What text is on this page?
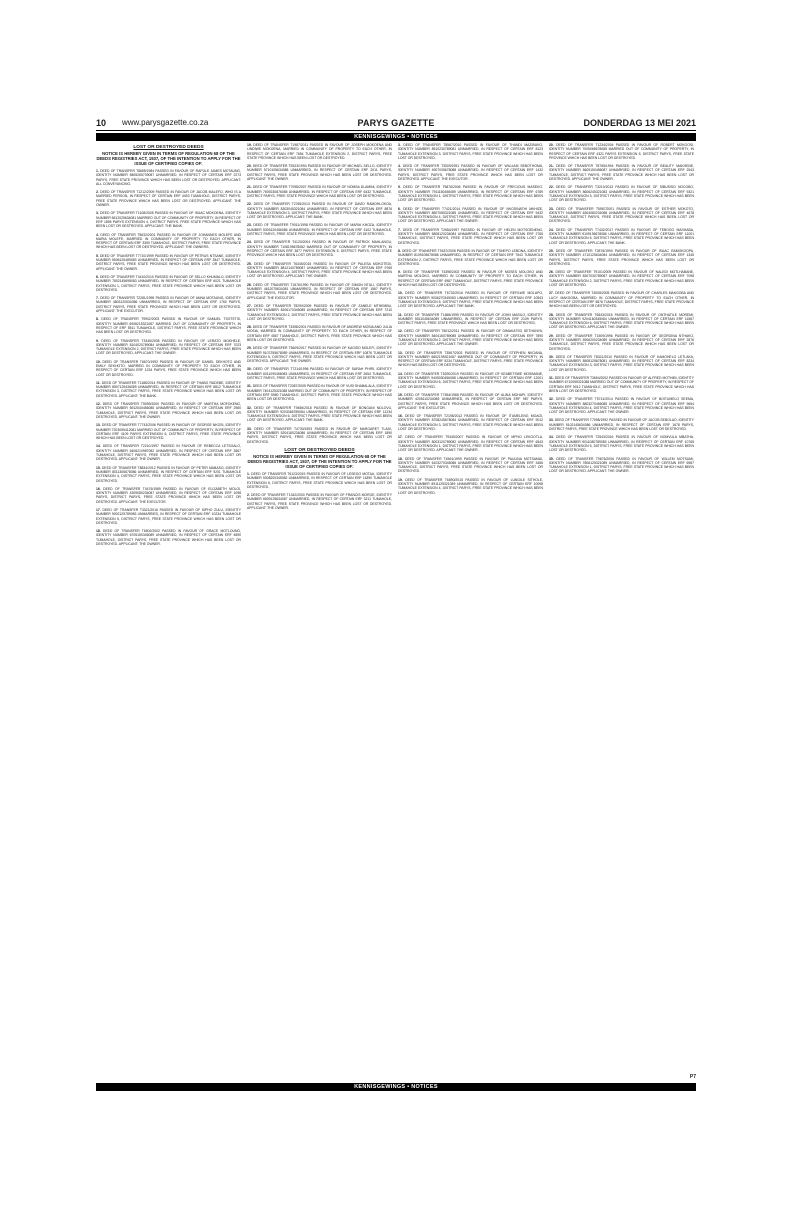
10 www.parysgazette.co.za	PARYS GAZETTE	DONDERDAG 13 MEI 2021
KENNISGEWINGS • NOTICES
LOST OR DESTROYED DEEDS
NOTICE IS HEREBY GIVEN IN TERMS OF REGULATION 68 OF THE DEEDS REGISTRIES ACT, 1937, OF THE INTENTION TO APPLY FOR THE ISSUE OF CERTIFIED COPIES OF:

1. DEED OF TRANSFER T8655/1984 PASSED IN FAVOUR OF RAPULE JAMES MOTAUNG, IDENTITY NUMBER 5805265739087 UNMARRIED, IN RESPECT OF CERTAIN ERF 2273 PARYS, FREE STATE PROVINCE WHICH HAS BEEN LOST OR DESTROYED. APPLICANT: ALL CONVEYANCING.

2. DEED OF TRANSFER T1212/2009 PASSED IN FAVOUR OF JACOB MALEFO, WHO IS A MARRIED PERSON, IN RESPECT OF CERTAIN ERF 4453 TUMAHOLE, DISTRICT PARYS, FREE STATE PROVINCE WHICH HAS BEEN LOST OR DESTROYED. APPLICANT: THE OWNER.

3. DEED OF TRANSFER T1108/2005 PASSED IN FAVOUR OF ISAAC MOKOENA, IDENTITY NUMBER 6512025634081 MARRIED OUT OF COMMUNITY OF PROPERTY, IN RESPECT OF ERF 1895 PARYS EXTENSION 4, DISTRICT PARYS, FREE STATE PROVINCE WHICH HAS BEEN LOST OR DESTROYED. APPLICANT: THE BANK.

4. DEED OF TRANSFER T5632/2001 PASSED IN FAVOUR OF JOHANNES MOLEFE AND MARIA MOLEFE, MARRIED IN COMMUNITY OF PROPERTY TO EACH OTHER, IN RESPECT OF CERTAIN ERF 3390 TUMAHOLE, DISTRICT PARYS, FREE STATE PROVINCE WHICH HAS BEEN LOST OR DESTROYED. APPLICANT: THE OWNERS.

5. DEED OF TRANSFER T7710/1999 PASSED IN FAVOUR OF PETRUS NTSANE, IDENTITY NUMBER 5506125489083 UNMARRIED, IN RESPECT OF CERTAIN ERF 2847 TUMAHOLE, DISTRICT PARYS, FREE STATE PROVINCE WHICH HAS BEEN LOST OR DESTROYED. APPLICANT: THE OWNER.

6. DEED OF TRANSFER T4410/2010 PASSED IN FAVOUR OF SELLO KHUMALO, IDENTITY NUMBER 7802145698083 UNMARRIED, IN RESPECT OF CERTAIN ERF 6021 TUMAHOLE EXTENSION 1, DISTRICT PARYS, FREE STATE PROVINCE WHICH HAS BEEN LOST OR DESTROYED.

7. DEED OF TRANSFER T2281/1995 PASSED IN FAVOUR OF ANNA MOTAUNG, IDENTITY NUMBER 4803120534086 UNMARRIED, IN RESPECT OF CERTAIN ERF 1760 PARYS, DISTRICT PARYS, FREE STATE PROVINCE WHICH HAS BEEN LOST OR DESTROYED. APPLICANT: THE EXECUTOR.

8. DEED OF TRANSFER T9902/2003 PASSED IN FAVOUR OF SAMUEL TSOTETSI, IDENTITY NUMBER 6908215321087 MARRIED OUT OF COMMUNITY OF PROPERTY, IN RESPECT OF ERF 5511 TUMAHOLE, DISTRICT PARYS, FREE STATE PROVINCE WHICH HAS BEEN LOST OR DESTROYED.

9. DEED OF TRANSFER T3345/2008 PASSED IN FAVOUR OF LERATO MOKHELE, IDENTITY NUMBER 8104020789084 UNMARRIED, IN RESPECT OF CERTAIN ERF 7023 TUMAHOLE EXTENSION 2, DISTRICT PARYS, FREE STATE PROVINCE WHICH HAS BEEN LOST OR DESTROYED. APPLICANT: THE OWNER.

10. DEED OF TRANSFER T6670/1992 PASSED IN FAVOUR OF DANIEL SEKHOTO AND EMILY SEKHOTO, MARRIED IN COMMUNITY OF PROPERTY TO EACH OTHER, IN RESPECT OF CERTAIN ERF 1234 PARYS, FREE STATE PROVINCE WHICH HAS BEEN LOST OR DESTROYED.

11. DEED OF TRANSFER T1188/2014 PASSED IN FAVOUR OF THABO RADEBE, IDENTITY NUMBER 8507125436089 UNMARRIED, IN RESPECT OF CERTAIN ERF 8812 TUMAHOLE EXTENSION 3, DISTRICT PARYS, FREE STATE PROVINCE WHICH HAS BEEN LOST OR DESTROYED. APPLICANT: THE BANK.

12. DEED OF TRANSFER T5099/2000 PASSED IN FAVOUR OF MARTHA MOFOKENG, IDENTITY NUMBER 5912040456085 UNMARRIED, IN RESPECT OF CERTAIN ERF 2980 TUMAHOLE, DISTRICT PARYS, FREE STATE PROVINCE WHICH HAS BEEN LOST OR DESTROYED. APPLICANT: THE OWNER.

13. DEED OF TRANSFER T7743/2006 PASSED IN FAVOUR OF GEORGE NKOSI, IDENTITY NUMBER 7203055412081 MARRIED OUT OF COMMUNITY OF PROPERTY, IN RESPECT OF CERTAIN ERF 4109 PARYS EXTENSION 6, DISTRICT PARYS, FREE STATE PROVINCE WHICH HAS BEEN LOST OR DESTROYED.

14. DEED OF TRANSFER T2210/1997 PASSED IN FAVOUR OF REBECCA LETSOALO, IDENTITY NUMBER 6406210987082 UNMARRIED, IN RESPECT OF CERTAIN ERF 3567 TUMAHOLE, DISTRICT PARYS, FREE STATE PROVINCE WHICH HAS BEEN LOST OR DESTROYED. APPLICANT: THE OWNER.

15. DEED OF TRANSFER T8834/2012 PASSED IN FAVOUR OF PETER MABASO, IDENTITY NUMBER 8011305678086 UNMARRIED, IN RESPECT OF CERTAIN ERF 9201 TUMAHOLE EXTENSION 4, DISTRICT PARYS, FREE STATE PROVINCE WHICH HAS BEEN LOST OR DESTROYED.

16. DEED OF TRANSFER T4476/1989 PASSED IN FAVOUR OF ELIZABETH MOLOI, IDENTITY NUMBER 4309080234087 UNMARRIED, IN RESPECT OF CERTAIN ERF 1098 PARYS, DISTRICT PARYS, FREE STATE PROVINCE WHICH HAS BEEN LOST OR DESTROYED. APPLICANT: THE EXECUTOR.

17. DEED OF TRANSFER T3321/2016 PASSED IN FAVOUR OF SIPHO ZULU, IDENTITY NUMBER 9002125789083 UNMARRIED, IN RESPECT OF CERTAIN ERF 10234 TUMAHOLE EXTENSION 5, DISTRICT PARYS, FREE STATE PROVINCE WHICH HAS BEEN LOST OR DESTROYED.

18. DEED OF TRANSFER T6502/2002 PASSED IN FAVOUR OF GRACE MOTLOUNG, IDENTITY NUMBER 6705150345089 UNMARRIED, IN RESPECT OF CERTAIN ERF 4890 TUMAHOLE, DISTRICT PARYS, FREE STATE PROVINCE WHICH HAS BEEN LOST OR DESTROYED. APPLICANT: THE OWNER.

19. DEED OF TRANSFER T1987/2011 PASSED IN FAVOUR OF JOSEPH MOKOENA AND LINDIWE MOKOENA, MARRIED IN COMMUNITY OF PROPERTY TO EACH OTHER, IN RESPECT OF CERTAIN ERF 7654 TUMAHOLE EXTENSION 2, DISTRICT PARYS, FREE STATE PROVINCE WHICH HAS BEEN LOST OR DESTROYED.

20. DEED OF TRANSFER T5523/1994 PASSED IN FAVOUR OF MICHAEL SELLO, IDENTITY NUMBER 5710105634088 UNMARRIED, IN RESPECT OF CERTAIN ERF 2011 PARYS, DISTRICT PARYS, FREE STATE PROVINCE WHICH HAS BEEN LOST OR DESTROYED. APPLICANT: THE OWNER.

21. DEED OF TRANSFER T7098/2007 PASSED IN FAVOUR OF NOMSA DLAMINI, IDENTITY NUMBER 7609230876085 UNMARRIED, IN RESPECT OF CERTAIN ERF 6432 TUMAHOLE, DISTRICT PARYS, FREE STATE PROVINCE WHICH HAS BEEN LOST OR DESTROYED.

22. DEED OF TRANSFER T2765/2013 PASSED IN FAVOUR OF DAVID RAMOHLOKOA, IDENTITY NUMBER 8303045321084 UNMARRIED, IN RESPECT OF CERTAIN ERF 8876 TUMAHOLE EXTENSION 3, DISTRICT PARYS, FREE STATE PROVINCE WHICH HAS BEEN LOST OR DESTROYED. APPLICANT: THE BANK.

23. DEED OF TRANSFER T9011/1998 PASSED IN FAVOUR OF MARIA KHOZA, IDENTITY NUMBER 5303120456086 UNMARRIED, IN RESPECT OF CERTAIN ERF 3102 TUMAHOLE, DISTRICT PARYS, FREE STATE PROVINCE WHICH HAS BEEN LOST OR DESTROYED.

24. DEED OF TRANSFER T4120/2004 PASSED IN FAVOUR OF PATRICK MAHLANGU, IDENTITY NUMBER 7108195678082 MARRIED OUT OF COMMUNITY OF PROPERTY, IN RESPECT OF CERTAIN ERF 3877 PARYS EXTENSION 5, DISTRICT PARYS, FREE STATE PROVINCE WHICH HAS BEEN LOST OR DESTROYED.

25. DEED OF TRANSFER T6345/2015 PASSED IN FAVOUR OF PALESA MOKOTEDI, IDENTITY NUMBER 8812140789087 UNMARRIED, IN RESPECT OF CERTAIN ERF 9765 TUMAHOLE EXTENSION 4, DISTRICT PARYS, FREE STATE PROVINCE WHICH HAS BEEN LOST OR DESTROYED. APPLICANT: THE OWNER.

26. DEED OF TRANSFER T1576/1990 PASSED IN FAVOUR OF SIMON NTULI, IDENTITY NUMBER 4612075634081 UNMARRIED, IN RESPECT OF CERTAIN ERF 1567 PARYS, DISTRICT PARYS, FREE STATE PROVINCE WHICH HAS BEEN LOST OR DESTROYED. APPLICANT: THE EXECUTOR.

27. DEED OF TRANSFER T8290/2009 PASSED IN FAVOUR OF ZANELE MTHEMBU, IDENTITY NUMBER 8206170345085 UNMARRIED, IN RESPECT OF CERTAIN ERF 7210 TUMAHOLE EXTENSION 2, DISTRICT PARYS, FREE STATE PROVINCE WHICH HAS BEEN LOST OR DESTROYED.

28. DEED OF TRANSFER T3398/2001 PASSED IN FAVOUR OF ANDREW MOSIA AND JULIA MOSIA, MARRIED IN COMMUNITY OF PROPERTY TO EACH OTHER, IN RESPECT OF CERTAIN ERF 4567 TUMAHOLE, DISTRICT PARYS, FREE STATE PROVINCE WHICH HAS BEEN LOST OR DESTROYED.

29. DEED OF TRANSFER T5609/2017 PASSED IN FAVOUR OF KAGISO MOLEFI, IDENTITY NUMBER 9107255678089 UNMARRIED, IN RESPECT OF CERTAIN ERF 10876 TUMAHOLE EXTENSION 5, DISTRICT PARYS, FREE STATE PROVINCE WHICH HAS BEEN LOST OR DESTROYED. APPLICANT: THE OWNER.

30. DEED OF TRANSFER T7214/1996 PASSED IN FAVOUR OF SARAH PHIRI, IDENTITY NUMBER 6011090456083 UNMARRIED, IN RESPECT OF CERTAIN ERF 2654 TUMAHOLE, DISTRICT PARYS, FREE STATE PROVINCE WHICH HAS BEEN LOST OR DESTROYED.

31. DEED OF TRANSFER T2087/2005 PASSED IN FAVOUR OF VUSI SHABALALA, IDENTITY NUMBER 7404125321088 MARRIED OUT OF COMMUNITY OF PROPERTY, IN RESPECT OF CERTAIN ERF 5980 TUMAHOLE, DISTRICT PARYS, FREE STATE PROVINCE WHICH HAS BEEN LOST OR DESTROYED.

32. DEED OF TRANSFER T9456/2018 PASSED IN FAVOUR OF BONGANI NDLOVU, IDENTITY NUMBER 9203065789084 UNMARRIED, IN RESPECT OF CERTAIN ERF 11234 TUMAHOLE EXTENSION 6, DISTRICT PARYS, FREE STATE PROVINCE WHICH HAS BEEN LOST OR DESTROYED. APPLICANT: THE BANK.

33. DEED OF TRANSFER T4730/1993 PASSED IN FAVOUR OF MARGARET TLADI, IDENTITY NUMBER 5204180234086 UNMARRIED, IN RESPECT OF CERTAIN ERF 1890 PARYS, DISTRICT PARYS, FREE STATE PROVINCE WHICH HAS BEEN LOST OR DESTROYED.

LOST OR DESTROYED DEEDS
NOTICE IS HEREBY GIVEN IN TERMS OF REGULATION 68 OF THE DEEDS REGISTRIES ACT, 1937, OF THE INTENTION TO APPLY FOR THE ISSUE OF CERTIFIED COPIES OF:

1. DEED OF TRANSFER T6123/2019 PASSED IN FAVOUR OF LESEGO MOTAU, IDENTITY NUMBER 9308200345082 UNMARRIED, IN RESPECT OF CERTAIN ERF 11890 TUMAHOLE EXTENSION 6, DISTRICT PARYS, FREE STATE PROVINCE WHICH HAS BEEN LOST OR DESTROYED.

2. DEED OF TRANSFER T1342/2000 PASSED IN FAVOUR OF FRANCIS MOROE, IDENTITY NUMBER 6509125634087 UNMARRIED, IN RESPECT OF CERTAIN ERF 3211 TUMAHOLE, DISTRICT PARYS, FREE STATE PROVINCE WHICH HAS BEEN LOST OR DESTROYED. APPLICANT: THE OWNER.

3. DEED OF TRANSFER T8567/2010 PASSED IN FAVOUR OF THANDI MAZIBUKO, IDENTITY NUMBER 8510230789081 UNMARRIED, IN RESPECT OF CERTAIN ERF 8123 TUMAHOLE EXTENSION 3, DISTRICT PARYS, FREE STATE PROVINCE WHICH HAS BEEN LOST OR DESTROYED.

4. DEED OF TRANSFER T3009/1991 PASSED IN FAVOUR OF WILLIAM SEBOTHOMA, IDENTITY NUMBER 4907035678088 UNMARRIED, IN RESPECT OF CERTAIN ERF 1432 PARYS, DISTRICT PARYS, FREE STATE PROVINCE WHICH HAS BEEN LOST OR DESTROYED. APPLICANT: THE EXECUTOR.

5. DEED OF TRANSFER T5876/2006 PASSED IN FAVOUR OF PRECIOUS MASEKO, IDENTITY NUMBER 7911150456089 UNMARRIED, IN RESPECT OF CERTAIN ERF 6789 TUMAHOLE EXTENSION 1, DISTRICT PARYS, FREE STATE PROVINCE WHICH HAS BEEN LOST OR DESTROYED.

6. DEED OF TRANSFER T7421/2014 PASSED IN FAVOUR OF NKOSINATHI MKHIZE, IDENTITY NUMBER 8607085321085 UNMARRIED, IN RESPECT OF CERTAIN ERF 9432 TUMAHOLE EXTENSION 4, DISTRICT PARYS, FREE STATE PROVINCE WHICH HAS BEEN LOST OR DESTROYED. APPLICANT: THE OWNER.

7. DEED OF TRANSFER T2654/1997 PASSED IN FAVOUR OF HELEN MOTSOENENG, IDENTITY NUMBER 5808120234084 UNMARRIED, IN RESPECT OF CERTAIN ERF 2765 TUMAHOLE, DISTRICT PARYS, FREE STATE PROVINCE WHICH HAS BEEN LOST OR DESTROYED.

8. DEED OF TRANSFER T9187/2008 PASSED IN FAVOUR OF TSHEPO LEBONA, IDENTITY NUMBER 8109105678086 UNMARRIED, IN RESPECT OF CERTAIN ERF 7543 TUMAHOLE EXTENSION 2, DISTRICT PARYS, FREE STATE PROVINCE WHICH HAS BEEN LOST OR DESTROYED.

9. DEED OF TRANSFER T4398/2002 PASSED IN FAVOUR OF MOSES MOLOKO AND MARTHA MOLOKO, MARRIED IN COMMUNITY OF PROPERTY TO EACH OTHER, IN RESPECT OF CERTAIN ERF 4987 TUMAHOLE, DISTRICT PARYS, FREE STATE PROVINCE WHICH HAS BEEN LOST OR DESTROYED.

10. DEED OF TRANSFER T6732/2016 PASSED IN FAVOUR OF REFILWE MOLAPO, IDENTITY NUMBER 9006270345083 UNMARRIED, IN RESPECT OF CERTAIN ERF 10543 TUMAHOLE EXTENSION 5, DISTRICT PARYS, FREE STATE PROVINCE WHICH HAS BEEN LOST OR DESTROYED. APPLICANT: THE BANK.

11. DEED OF TRANSFER T1865/1995 PASSED IN FAVOUR OF JOHN MASILO, IDENTITY NUMBER 5511045634089 UNMARRIED, IN RESPECT OF CERTAIN ERF 2109 PARYS, DISTRICT PARYS, FREE STATE PROVINCE WHICH HAS BEEN LOST OR DESTROYED.

12. DEED OF TRANSFER T8012/2011 PASSED IN FAVOUR OF DIMAKATSO SETHUNYA, IDENTITY NUMBER 8404160789085 UNMARRIED, IN RESPECT OF CERTAIN ERF 7890 TUMAHOLE EXTENSION 2, DISTRICT PARYS, FREE STATE PROVINCE WHICH HAS BEEN LOST OR DESTROYED. APPLICANT: THE OWNER.

13. DEED OF TRANSFER T3567/2003 PASSED IN FAVOUR OF STEPHEN NKOANA, IDENTITY NUMBER 6802195321087 MARRIED OUT OF COMMUNITY OF PROPERTY, IN RESPECT OF CERTAIN ERF 5234 TUMAHOLE, DISTRICT PARYS, FREE STATE PROVINCE WHICH HAS BEEN LOST OR DESTROYED.

14. DEED OF TRANSFER T5290/2019 PASSED IN FAVOUR OF KEABETSWE MOSIMANE, IDENTITY NUMBER 9405030456088 UNMARRIED, IN RESPECT OF CERTAIN ERF 12001 TUMAHOLE EXTENSION 6, DISTRICT PARYS, FREE STATE PROVINCE WHICH HAS BEEN LOST OR DESTROYED.

15. DEED OF TRANSFER T7654/1988 PASSED IN FAVOUR OF ALINA MOHAPI, IDENTITY NUMBER 4205110234085 UNMARRIED, IN RESPECT OF CERTAIN ERF 987 PARYS, DISTRICT PARYS, FREE STATE PROVINCE WHICH HAS BEEN LOST OR DESTROYED. APPLICANT: THE EXECUTOR.

16. DEED OF TRANSFER T2198/2012 PASSED IN FAVOUR OF ITUMELENG MOAGI, IDENTITY NUMBER 8708245678084 UNMARRIED, IN RESPECT OF CERTAIN ERF 9012 TUMAHOLE EXTENSION 3, DISTRICT PARYS, FREE STATE PROVINCE WHICH HAS BEEN LOST OR DESTROYED.

17. DEED OF TRANSFER T9345/2007 PASSED IN FAVOUR OF MPHO LEKGOTLA, IDENTITY NUMBER 8003120789082 UNMARRIED, IN RESPECT OF CERTAIN ERF 6543 TUMAHOLE EXTENSION 1, DISTRICT PARYS, FREE STATE PROVINCE WHICH HAS BEEN LOST OR DESTROYED. APPLICANT: THE OWNER.

18. DEED OF TRANSFER T4561/1999 PASSED IN FAVOUR OF PAULINA MOTSAMAI, IDENTITY NUMBER 6103270345086 UNMARRIED, IN RESPECT OF CERTAIN ERF 3456 TUMAHOLE, DISTRICT PARYS, FREE STATE PROVINCE WHICH HAS BEEN LOST OR DESTROYED.

19. DEED OF TRANSFER T6890/2015 PASSED IN FAVOUR OF LUNGILE SITHOLE, IDENTITY NUMBER 8911125321089 UNMARRIED, IN RESPECT OF CERTAIN ERF 10098 TUMAHOLE EXTENSION 4, DISTRICT PARYS, FREE STATE PROVINCE WHICH HAS BEEN LOST OR DESTROYED.

20. DEED OF TRANSFER T1234/2004 PASSED IN FAVOUR OF ROBERT MOKGOSI, IDENTITY NUMBER 7005065678085 MARRIED OUT OF COMMUNITY OF PROPERTY, IN RESPECT OF CERTAIN ERF 4321 PARYS EXTENSION 5, DISTRICT PARYS, FREE STATE PROVINCE WHICH HAS BEEN LOST OR DESTROYED.

21. DEED OF TRANSFER T8765/1994 PASSED IN FAVOUR OF BEAUTY MAKHENE, IDENTITY NUMBER 5609150456087 UNMARRIED, IN RESPECT OF CERTAIN ERF 2543 TUMAHOLE, DISTRICT PARYS, FREE STATE PROVINCE WHICH HAS BEEN LOST OR DESTROYED. APPLICANT: THE OWNER.

22. DEED OF TRANSFER T3210/2013 PASSED IN FAVOUR OF SIBUSISO NGCOBO, IDENTITY NUMBER 8606245321083 UNMARRIED, IN RESPECT OF CERTAIN ERF 9321 TUMAHOLE EXTENSION 3, DISTRICT PARYS, FREE STATE PROVINCE WHICH HAS BEEN LOST OR DESTROYED.

23. DEED OF TRANSFER T5987/2001 PASSED IN FAVOUR OF ESTHER MOKOTO, IDENTITY NUMBER 6304080234088 UNMARRIED, IN RESPECT OF CERTAIN ERF 4678 TUMAHOLE, DISTRICT PARYS, FREE STATE PROVINCE WHICH HAS BEEN LOST OR DESTROYED.

24. DEED OF TRANSFER T7432/2017 PASSED IN FAVOUR OF TEBOGO MASHABA, IDENTITY NUMBER 9109195678086 UNMARRIED, IN RESPECT OF CERTAIN ERF 11001 TUMAHOLE EXTENSION 5, DISTRICT PARYS, FREE STATE PROVINCE WHICH HAS BEEN LOST OR DESTROYED. APPLICANT: THE BANK.

25. DEED OF TRANSFER T2876/1990 PASSED IN FAVOUR OF ISAAC RAMOKGOPA, IDENTITY NUMBER 4710125634084 UNMARRIED, IN RESPECT OF CERTAIN ERF 1345 PARYS, DISTRICT PARYS, FREE STATE PROVINCE WHICH HAS BEEN LOST OR DESTROYED.

26. DEED OF TRANSFER T9101/2009 PASSED IN FAVOUR OF NALEDI MOTLHABANE, IDENTITY NUMBER 8307030789087 UNMARRIED, IN RESPECT OF CERTAIN ERF 7098 TUMAHOLE EXTENSION 2, DISTRICT PARYS, FREE STATE PROVINCE WHICH HAS BEEN LOST OR DESTROYED.

27. DEED OF TRANSFER T4008/2005 PASSED IN FAVOUR OF CHARLES MAKGOBA AND LUCY MAKGOBA, MARRIED IN COMMUNITY OF PROPERTY TO EACH OTHER, IN RESPECT OF CERTAIN ERF 5876 TUMAHOLE, DISTRICT PARYS, FREE STATE PROVINCE WHICH HAS BEEN LOST OR DESTROYED.

28. DEED OF TRANSFER T6543/2018 PASSED IN FAVOUR OF ONTHATILE MOREMI, IDENTITY NUMBER 9204160345084 UNMARRIED, IN RESPECT OF CERTAIN ERF 11567 TUMAHOLE EXTENSION 6, DISTRICT PARYS, FREE STATE PROVINCE WHICH HAS BEEN LOST OR DESTROYED. APPLICANT: THE OWNER.

29. DEED OF TRANSFER T1509/1996 PASSED IN FAVOUR OF GEORGINA NTHAKO, IDENTITY NUMBER 5906200234089 UNMARRIED, IN RESPECT OF CERTAIN ERF 2876 TUMAHOLE, DISTRICT PARYS, FREE STATE PROVINCE WHICH HAS BEEN LOST OR DESTROYED.

30. DEED OF TRANSFER T8321/2010 PASSED IN FAVOUR OF KAMOHELO LETLAKA, IDENTITY NUMBER 8508125678081 UNMARRIED, IN RESPECT OF CERTAIN ERF 8234 TUMAHOLE EXTENSION 3, DISTRICT PARYS, FREE STATE PROVINCE WHICH HAS BEEN LOST OR DESTROYED.

31. DEED OF TRANSFER T3654/2002 PASSED IN FAVOUR OF ALFRED MOTHIBI, IDENTITY NUMBER 6710055321088 MARRIED OUT OF COMMUNITY OF PROPERTY, IN RESPECT OF CERTAIN ERF 5012 TUMAHOLE, DISTRICT PARYS, FREE STATE PROVINCE WHICH HAS BEEN LOST OR DESTROYED.

32. DEED OF TRANSFER T5741/2014 PASSED IN FAVOUR OF BOITUMELO SEEMA, IDENTITY NUMBER 8803270456085 UNMARRIED, IN RESPECT OF CERTAIN ERF 9654 TUMAHOLE EXTENSION 4, DISTRICT PARYS, FREE STATE PROVINCE WHICH HAS BEEN LOST OR DESTROYED. APPLICANT: THE OWNER.

33. DEED OF TRANSFER T7098/1992 PASSED IN FAVOUR OF JACOB SEBOLAO, IDENTITY NUMBER 5102145634086 UNMARRIED, IN RESPECT OF CERTAIN ERF 1678 PARYS, DISTRICT PARYS, FREE STATE PROVINCE WHICH HAS BEEN LOST OR DESTROYED.

34. DEED OF TRANSFER T2543/2016 PASSED IN FAVOUR OF NOMVULA MBATHA, IDENTITY NUMBER 9011080789083 UNMARRIED, IN RESPECT OF CERTAIN ERF 10765 TUMAHOLE EXTENSION 5, DISTRICT PARYS, FREE STATE PROVINCE WHICH HAS BEEN LOST OR DESTROYED.

35. DEED OF TRANSFER T9876/2006 PASSED IN FAVOUR OF WILLEM MOTSUMI, IDENTITY NUMBER 7806125321089 UNMARRIED, IN RESPECT OF CERTAIN ERF 6987 TUMAHOLE EXTENSION 1, DISTRICT PARYS, FREE STATE PROVINCE WHICH HAS BEEN LOST OR DESTROYED. APPLICANT: THE OWNER.

P7
KENNISGEWINGS • NOTICES
